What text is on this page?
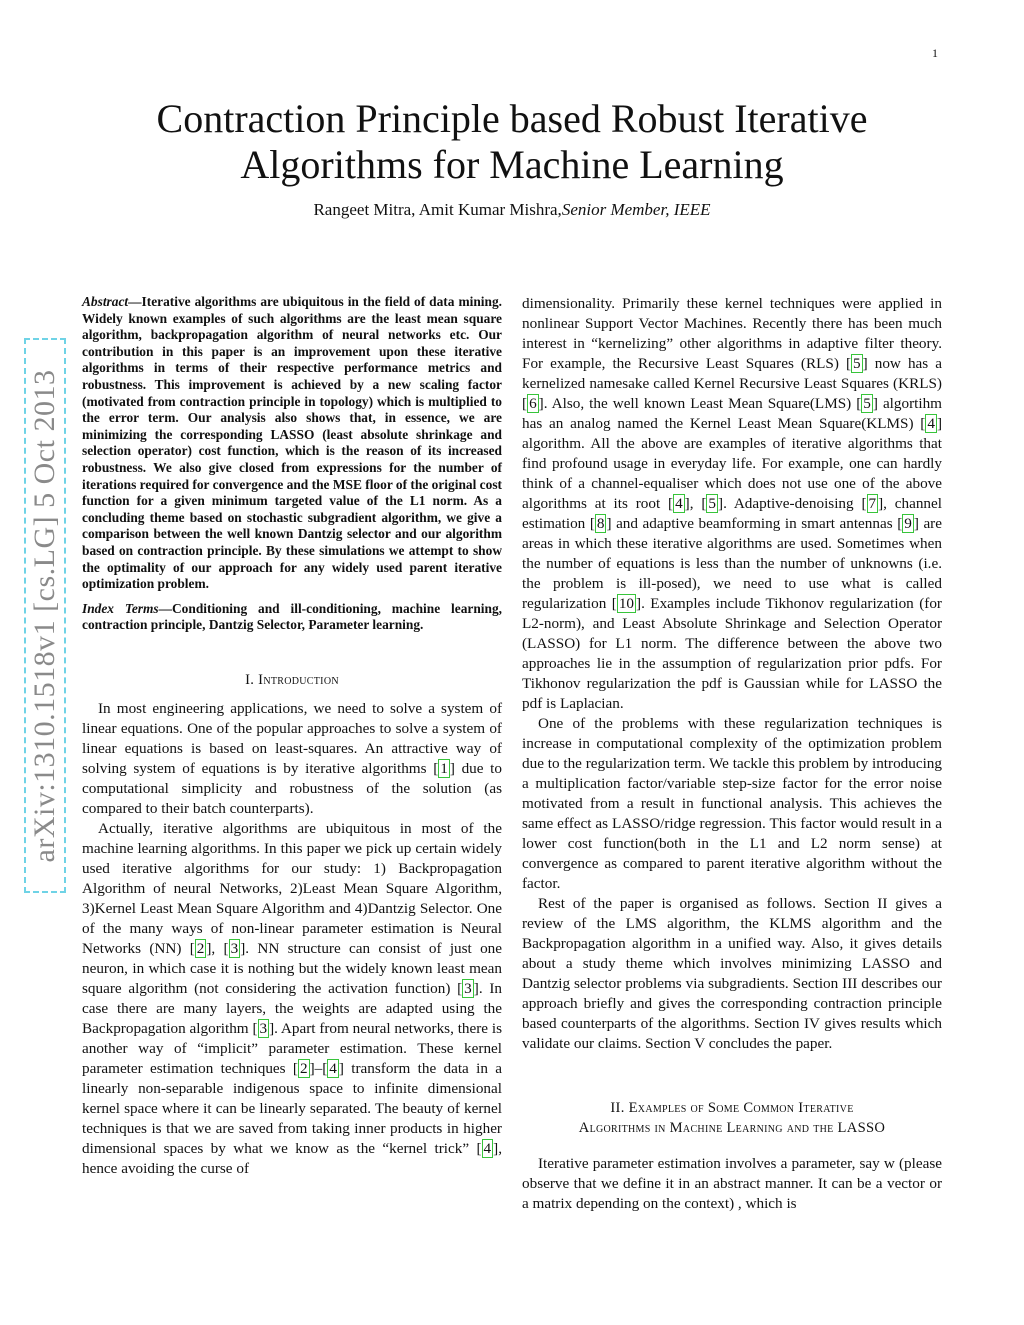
1
Contraction Principle based Robust Iterative
Algorithms for Machine Learning
Rangeet Mitra, Amit Kumar Mishra,Senior Member, IEEE
arXiv:1310.1518v1 [cs.LG] 5 Oct 2013

Abstract—Iterative algorithms are ubiquitous in the field of data mining. Widely known examples of such algorithms are the least mean square algorithm, backpropagation algorithm of neural networks etc. Our contribution in this paper is an improvement upon these iterative algorithms in terms of their respective performance metrics and robustness. This improvement is achieved by a new scaling factor (motivated from contraction principle in topology) which is multiplied to the error term. Our analysis also shows that, in essence, we are minimizing the corresponding LASSO (least absolute shrinkage and selection operator) cost function, which is the reason of its increased robustness. We also give closed from expressions for the number of iterations required for convergence and the MSE floor of the original cost function for a given minimum targeted value of the L1 norm. As a concluding theme based on stochastic subgradient algorithm, we give a comparison between the well known Dantzig selector and our algorithm based on contraction principle. By these simulations we attempt to show the optimality of our approach for any widely used parent iterative optimization problem.

Index Terms—Conditioning and ill-conditioning, machine learning, contraction principle, Dantzig Selector, Parameter learning.

I. Introduction

In most engineering applications, we need to solve a system of linear equations. One of the popular approaches to solve a system of linear equations is based on least-squares. An attractive way of solving system of equations is by iterative algorithms [ 1 ] due to computational simplicity and robustness of the solution (as compared to their batch counterparts).

Actually, iterative algorithms are ubiquitous in most of the machine learning algorithms. In this paper we pick up certain widely used iterative algorithms for our study: 1) Backpropagation Algorithm of neural Networks, 2)Least Mean Square Algorithm, 3)Kernel Least Mean Square Algorithm and 4)Dantzig Selector. One of the many ways of non-linear parameter estimation is Neural Networks (NN) [ 2 ], [ 3 ]. NN structure can consist of just one neuron, in which case it is nothing but the widely known least mean square algorithm (not considering the activation function) [ 3 ]. In case there are many layers, the weights are adapted using the Backpropagation algorithm [ 3 ]. Apart from neural networks, there is another way of “implicit” parameter estimation. These kernel parameter estimation techniques [ 2 ]–[ 4 ] transform the data in a linearly non-separable indigenous space to infinite dimensional kernel space where it can be linearly separated. The beauty of kernel techniques is that we are saved from taking inner products in higher dimensional spaces by what we know as the “kernel trick” [ 4 ], hence avoiding the curse of

dimensionality. Primarily these kernel techniques were applied in nonlinear Support Vector Machines. Recently there has been much interest in “kernelizing” other algorithms in adaptive filter theory. For example, the Recursive Least Squares (RLS) [ 5 ] now has a kernelized namesake called Kernel Recursive Least Squares (KRLS) [ 6 ]. Also, the well known Least Mean Square(LMS) [ 5 ] algortihm has an analog named the Kernel Least Mean Square(KLMS) [ 4 ] algorithm. All the above are examples of iterative algorithms that find profound usage in everyday life. For example, one can hardly think of a channel-equaliser which does not use one of the above algorithms at its root [ 4 ], [ 5 ]. Adaptive-denoising [ 7 ], channel estimation [ 8 ] and adaptive beamforming in smart antennas [ 9 ] are areas in which these iterative algorithms are used. Sometimes when the number of equations is less than the number of unknowns (i.e. the problem is ill-posed), we need to use what is called regularization [ 10 ]. Examples include Tikhonov regularization (for L2-norm), and Least Absolute Shrinkage and Selection Operator (LASSO) for L1 norm. The difference between the above two approaches lie in the assumption of regularization prior pdfs. For Tikhonov regularization the pdf is Gaussian while for LASSO the pdf is Laplacian.

One of the problems with these regularization techniques is increase in computational complexity of the optimization problem due to the regularization term. We tackle this problem by introducing a multiplication factor/variable step-size factor for the error noise motivated from a result in functional analysis. This achieves the same effect as LASSO/ridge regression. This factor would result in a lower cost function(both in the L1 and L2 norm sense) at convergence as compared to parent iterative algorithm without the factor.

Rest of the paper is organised as follows. Section II gives a review of the LMS algorithm, the KLMS algorithm and the Backpropagation algorithm in a unified way. Also, it gives details about a study theme which involves minimizing LASSO and Dantzig selector problems via subgradients. Section III describes our approach briefly and gives the corresponding contraction principle based counterparts of the algorithms. Section IV gives results which validate our claims. Section V concludes the paper.

II. Examples of Some Common Iterative
Algorithms in Machine Learning and the LASSO

Iterative parameter estimation involves a parameter, say w (please observe that we define it in an abstract manner. It can be a vector or a matrix depending on the context) , which is
